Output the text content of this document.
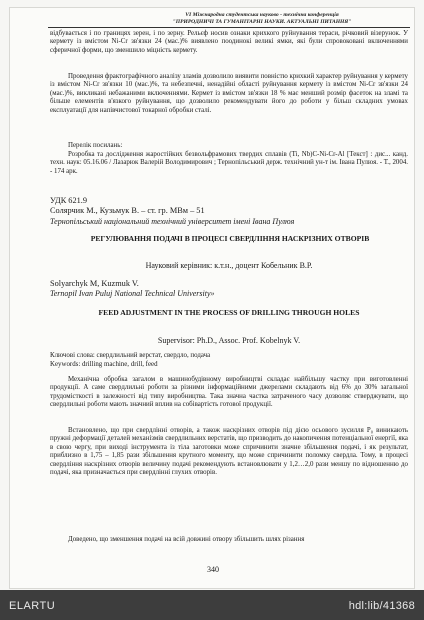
VI Міжнародна студентська науково - технічна конференція
"ПРИРОДНИЧІ ТА ГУМАНІТАРНІ НАУКИ. АКТУАЛЬНІ ПИТАННЯ"
відбувається і по границях зерен, і по зерну. Рельєф носив ознаки крихкого руйнування тераси, річковий візерунок. У кермету із вмістом Ni-Cr зв'язки 24 (мас.)% виявлено поодинокі великі ямки, які були спровоковані включеннями сферичної форми, що зменшило міцність кермету.
Проведення фрактографічного аналізу зламів дозволило виявити повністю крихкий характер руйнування у кермету із вмістом Ni-Cr зв'язки 10 (мас.)%, та небезпечні, ненадійні області руйнування кермету із вмістом Ni-Cr зв'язки 24 (мас.)%, викликані небажаними включеннями. Кермет із вмістом зв'язки 18 % має менший розмір фасеток на зламі та більше елементів в'язкого руйнування, що дозволило рекомендувати його до роботи у більш складних умовах експлуатації для напівчистової токарної обробки сталі.
Перелік посилань:
Розробка та дослідження жаростійких безвольфрамових твердих сплавів (Ti, Nb)C-Ni-Cr-Al [Текст] : дис... канд. техн. наук: 05.16.06 / Лазарюк Валерій Володимирович ; Тернопільський держ. технічний ун-т ім. Івана Пулюя. - Т., 2004. - 174 арк.
УДК 621.9
Солярчик М., Кузьмук В. – ст. гр. МВм – 51
Тернопільський національний технічний університет імені Івана Пулюя
РЕГУЛЮВАННЯ ПОДАЧІ В ПРОЦЕСІ СВЕРДЛІННЯ НАСКРІЗНИХ ОТВОРІВ
Науковий керівник: к.т.н., доцент Кобельник В.Р.
Solyarchyk M, Kuzmuk V.
Ternopil Ivan Puluj National Technical University»
FEED ADJUSTMENT IN THE PROCESS OF DRILLING THROUGH HOLES
Supervisor: Ph.D., Assoc. Prof. Kobelnyk V.
Ключові слова: свердлильний верстат, свердло, подача
Keywords: drilling machine, drill, feed
Механічна обробка загалом в машинобудівному виробництві складає найбільшу частку при виготовленні продукції. А саме свердлильні роботи за різними інформаційними джерелами складають від 6% до 30% загальної трудомісткості в залежності від типу виробництва. Така значна частка затраченого часу дозволяє стверджувати, що свердлильні роботи мають значний вплив на собівартість готової продукції.
Встановлено, що при свердлінні отворів, а також наскрізних отворів під дією осьового зусилля Р₀ виникають пружні деформації деталей механізмів свердлильних верстатів, що призводить до накопичення потенціальної енергії, яка в свою чергу, при виході інструмента із тіла заготовки може спричинити значне збільшення подачі, і як результат, приблизно в 1,75 – 1,85 рази збільшення крутного моменту, що може спричинити поломку свердла. Тому, в процесі свердління наскрізних отворів величину подачі рекомендують встановлювати у 1,2…2,0 рази меншу по відношенню до подачі, яка призначається при свердлінні глухих отворів.
Доведено, що зменшення подачі на всій довжині отвору збільшить шлях різання
340
ELARTU	hdl:lib/41368
